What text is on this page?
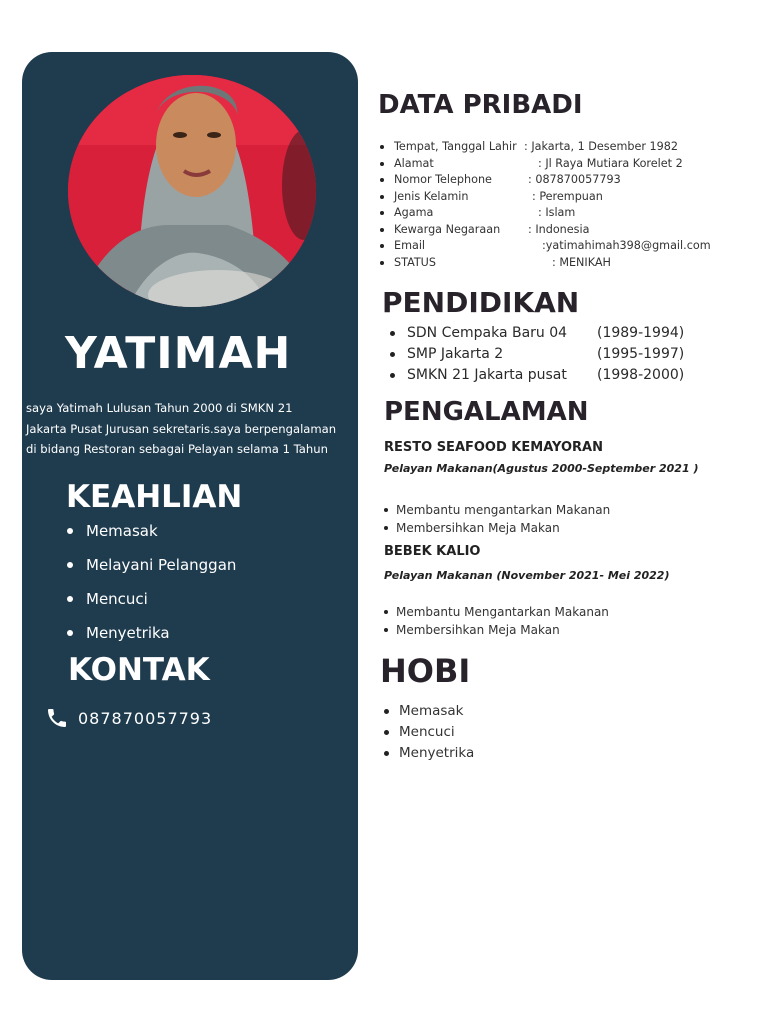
YATIMAH
saya Yatimah Lulusan Tahun 2000 di SMKN 21
Jakarta Pusat Jurusan sekretaris.saya berpengalaman
di bidang Restoran sebagai Pelayan selama 1 Tahun
KEAHLIAN
Memasak
Melayani Pelanggan
Mencuci
Menyetrika
KONTAK
087870057793
DATA PRIBADI
Tempat, Tanggal Lahir : Jakarta, 1 Desember 1982
Alamat	: Jl Raya Mutiara Korelet 2
Nomor Telephone	: 087870057793
Jenis Kelamin	: Perempuan
Agama	: Islam
Kewarga Negaraan : Indonesia
Email	:yatimahimah398@gmail.com
STATUS	: MENIKAH
PENDIDIKAN
SDN Cempaka Baru 04 (1989-1994)
SMP Jakarta 2	(1995-1997)
SMKN 21 Jakarta pusat (1998-2000)
PENGALAMAN
RESTO SEAFOOD KEMAYORAN
Pelayan Makanan(Agustus 2000-September 2021 )
Membantu mengantarkan Makanan
Membersihkan Meja Makan
BEBEK KALIO
Pelayan Makanan (November 2021- Mei 2022)
Membantu Mengantarkan Makanan
Membersihkan Meja Makan
HOBI
Memasak
Mencuci
Menyetrika
